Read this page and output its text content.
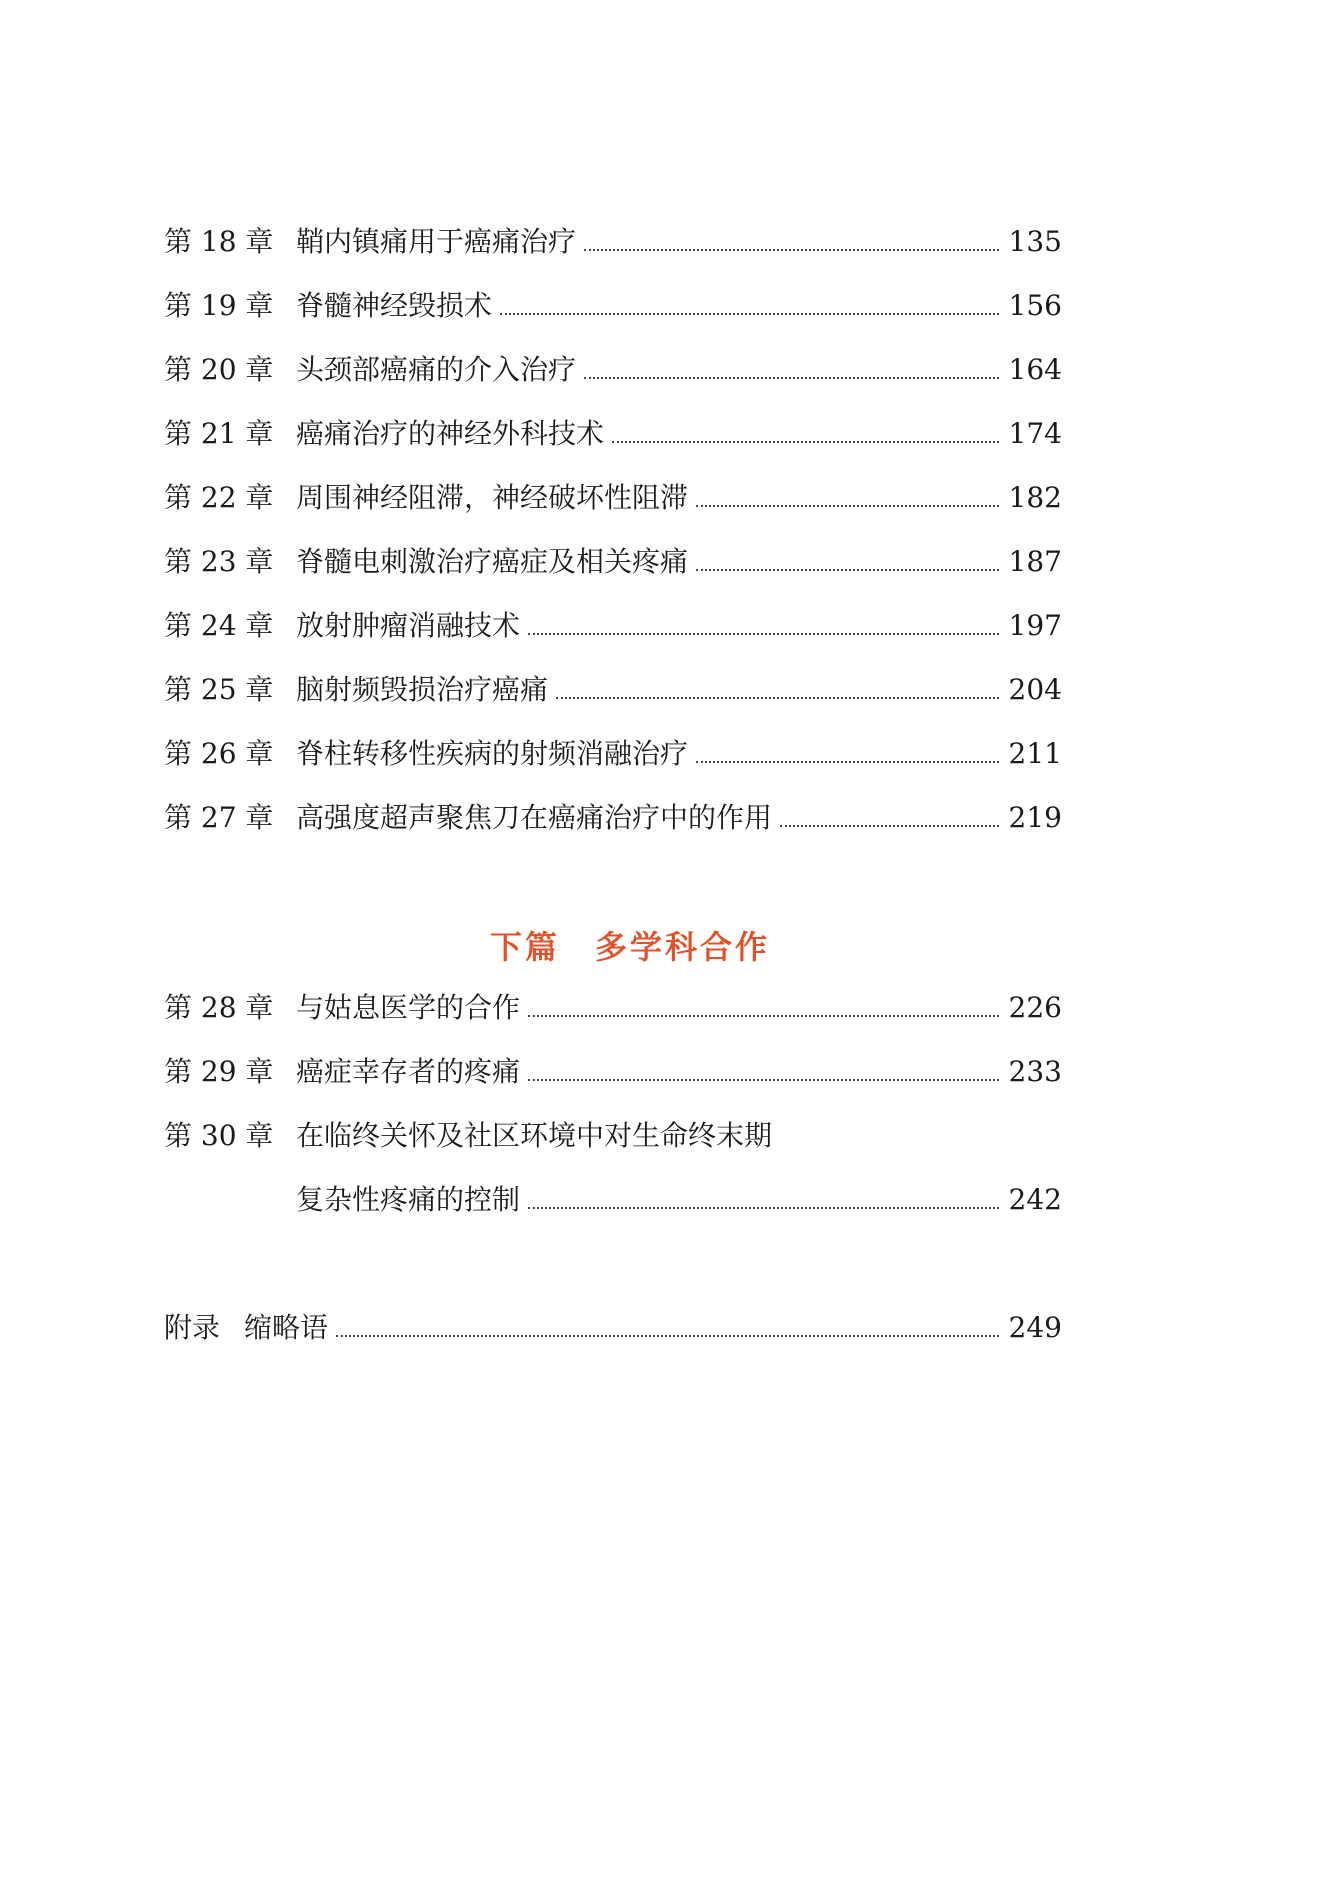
第 18 章 鞘内镇痛用于癌痛治疗	135
第 19 章 脊髓神经毁损术	156
第 20 章 头颈部癌痛的介入治疗	164
第 21 章 癌痛治疗的神经外科技术	174
第 22 章 周围神经阻滞，神经破坏性阻滞	182
第 23 章 脊髓电刺激治疗癌症及相关疼痛	187
第 24 章 放射肿瘤消融技术	197
第 25 章 脑射频毁损治疗癌痛	204
第 26 章 脊柱转移性疾病的射频消融治疗	211
第 27 章 高强度超声聚焦刀在癌痛治疗中的作用	219
下篇　多学科合作
第 28 章 与姑息医学的合作	226
第 29 章 癌症幸存者的疼痛	233
第 30 章 在临终关怀及社区环境中对生命终末期
复杂性疼痛的控制	242
附录 缩略语	249
